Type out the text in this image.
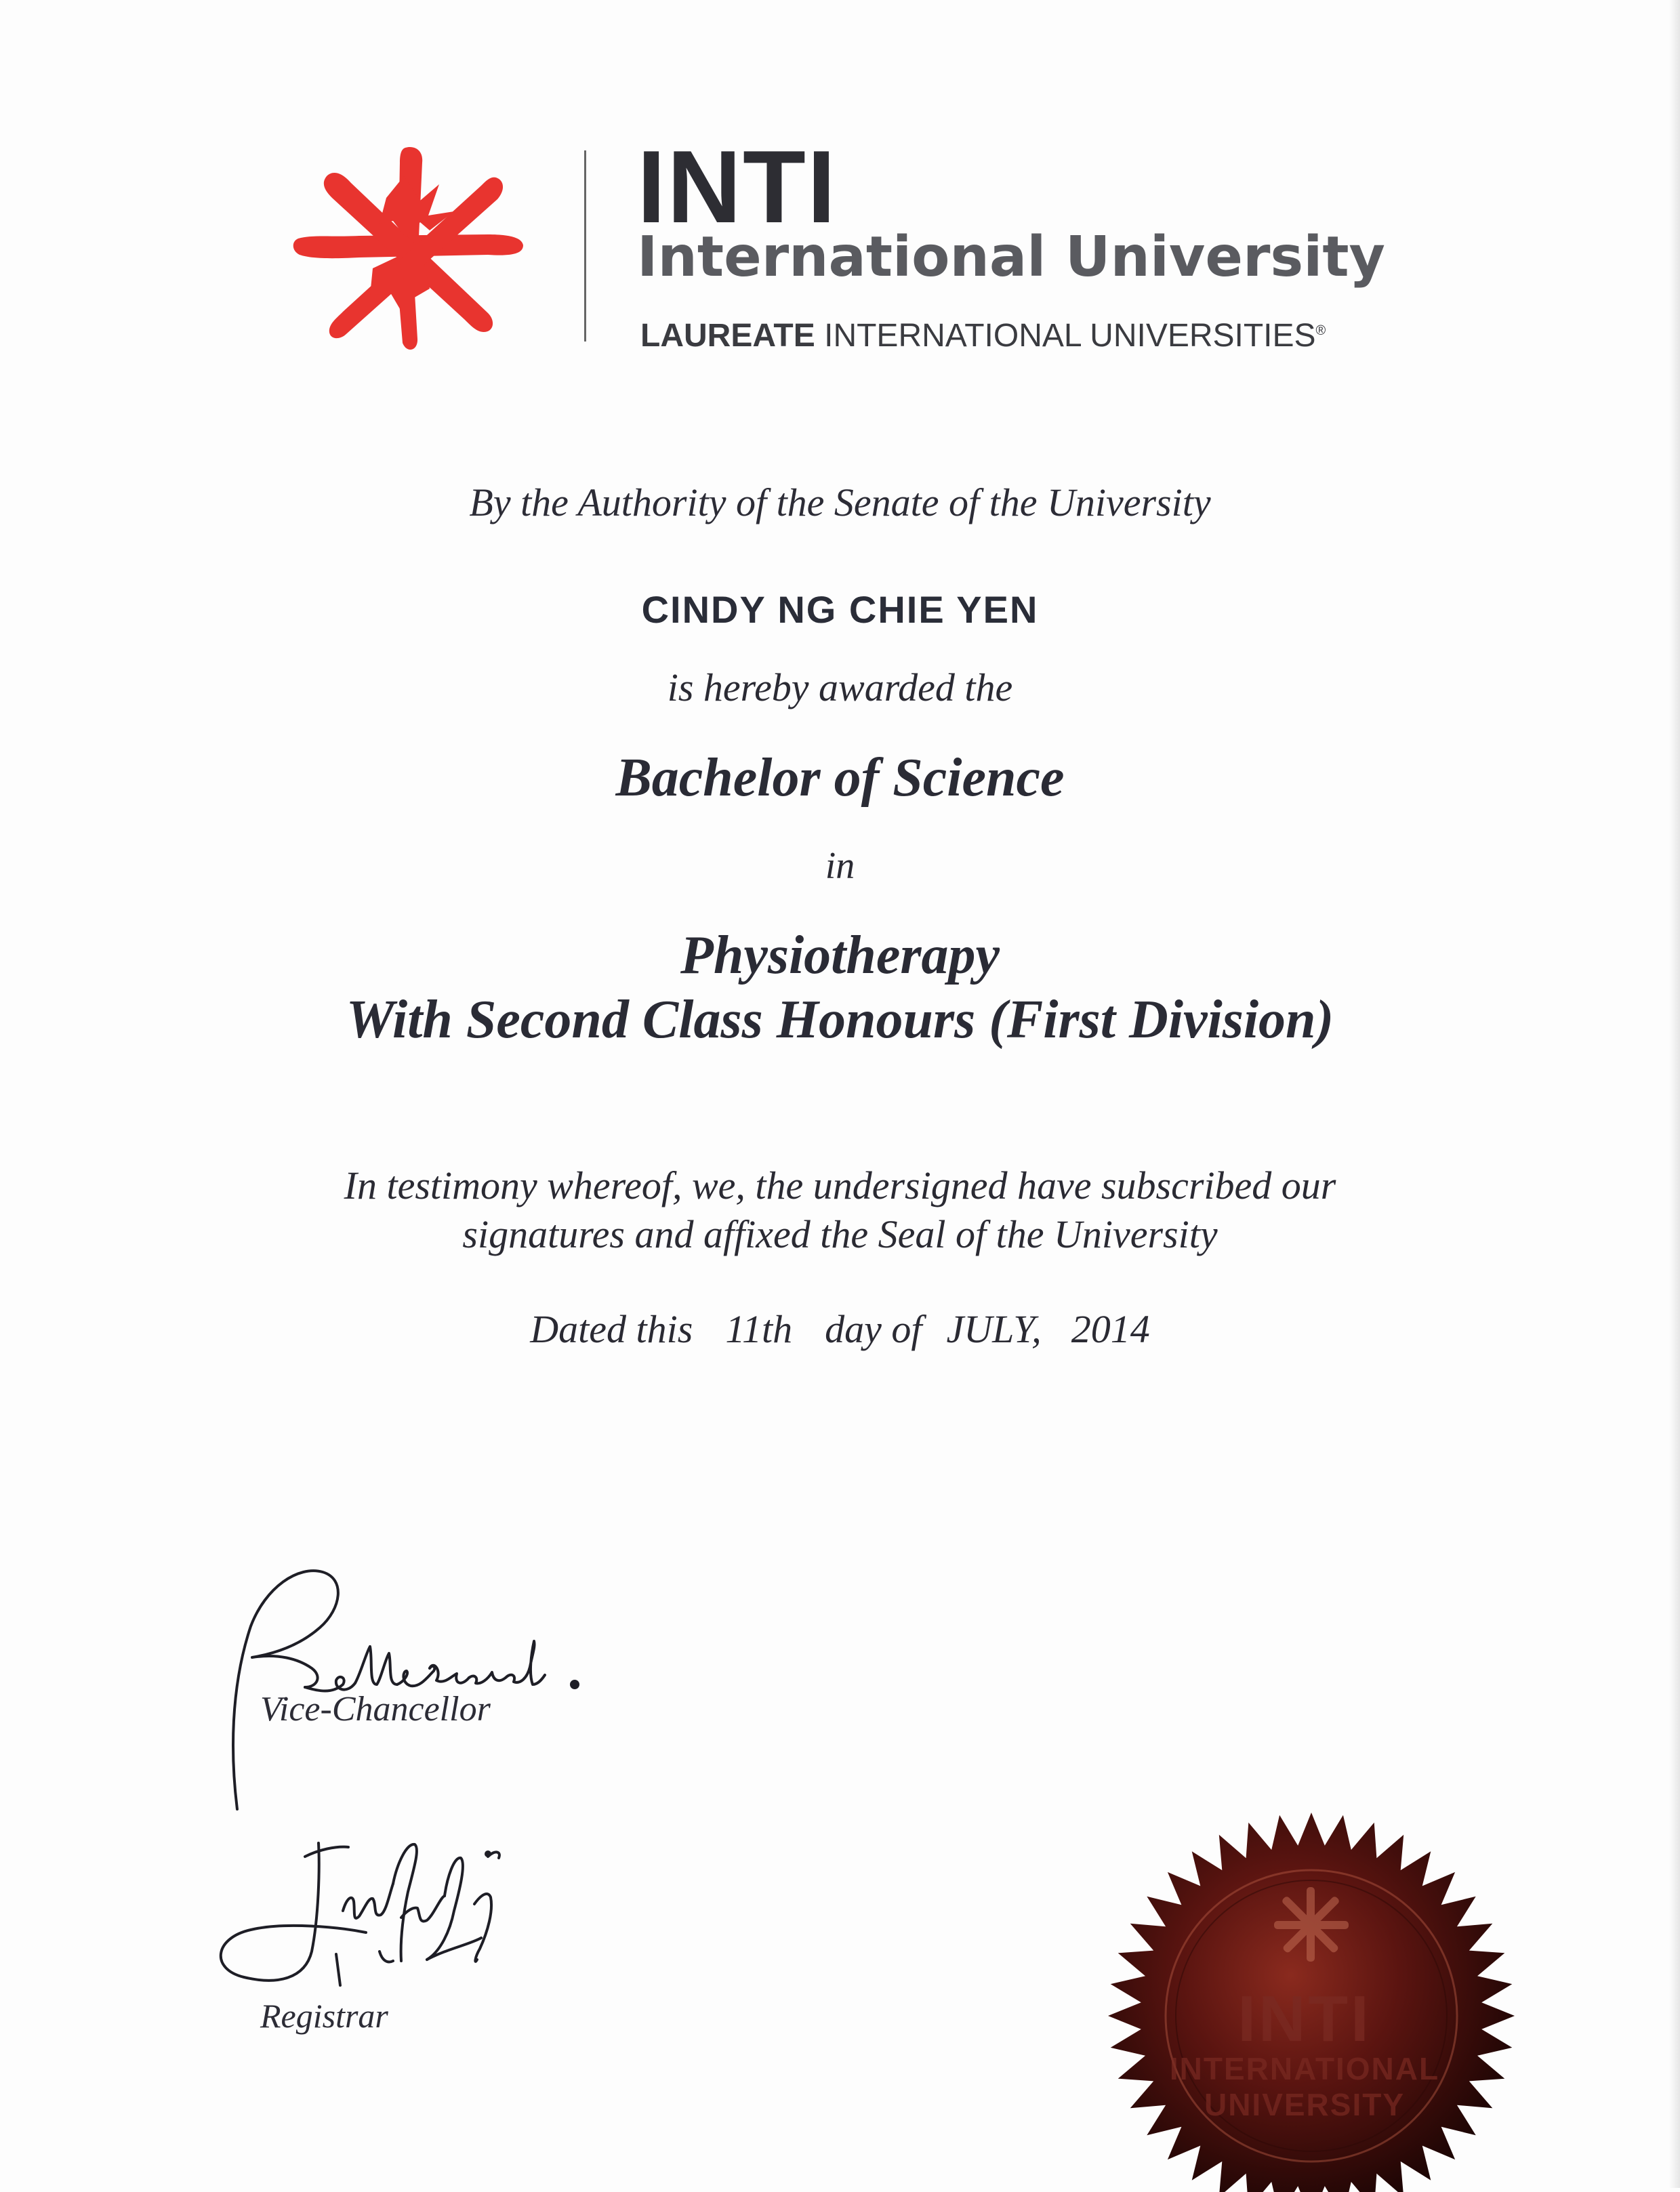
INTI
International University
LAUREATE INTERNATIONAL UNIVERSITIES®
By the Authority of the Senate of the University
CINDY NG CHIE YEN
is hereby awarded the
Bachelor of Science
in
Physiotherapy
With Second Class Honours (First Division)
In testimony whereof, we, the undersigned have subscribed our
signatures and affixed the Seal of the University
Dated this 11th day of JULY, 2014
Vice-Chancellor
Registrar	INTI
INTERNATIONAL
UNIVERSITY
